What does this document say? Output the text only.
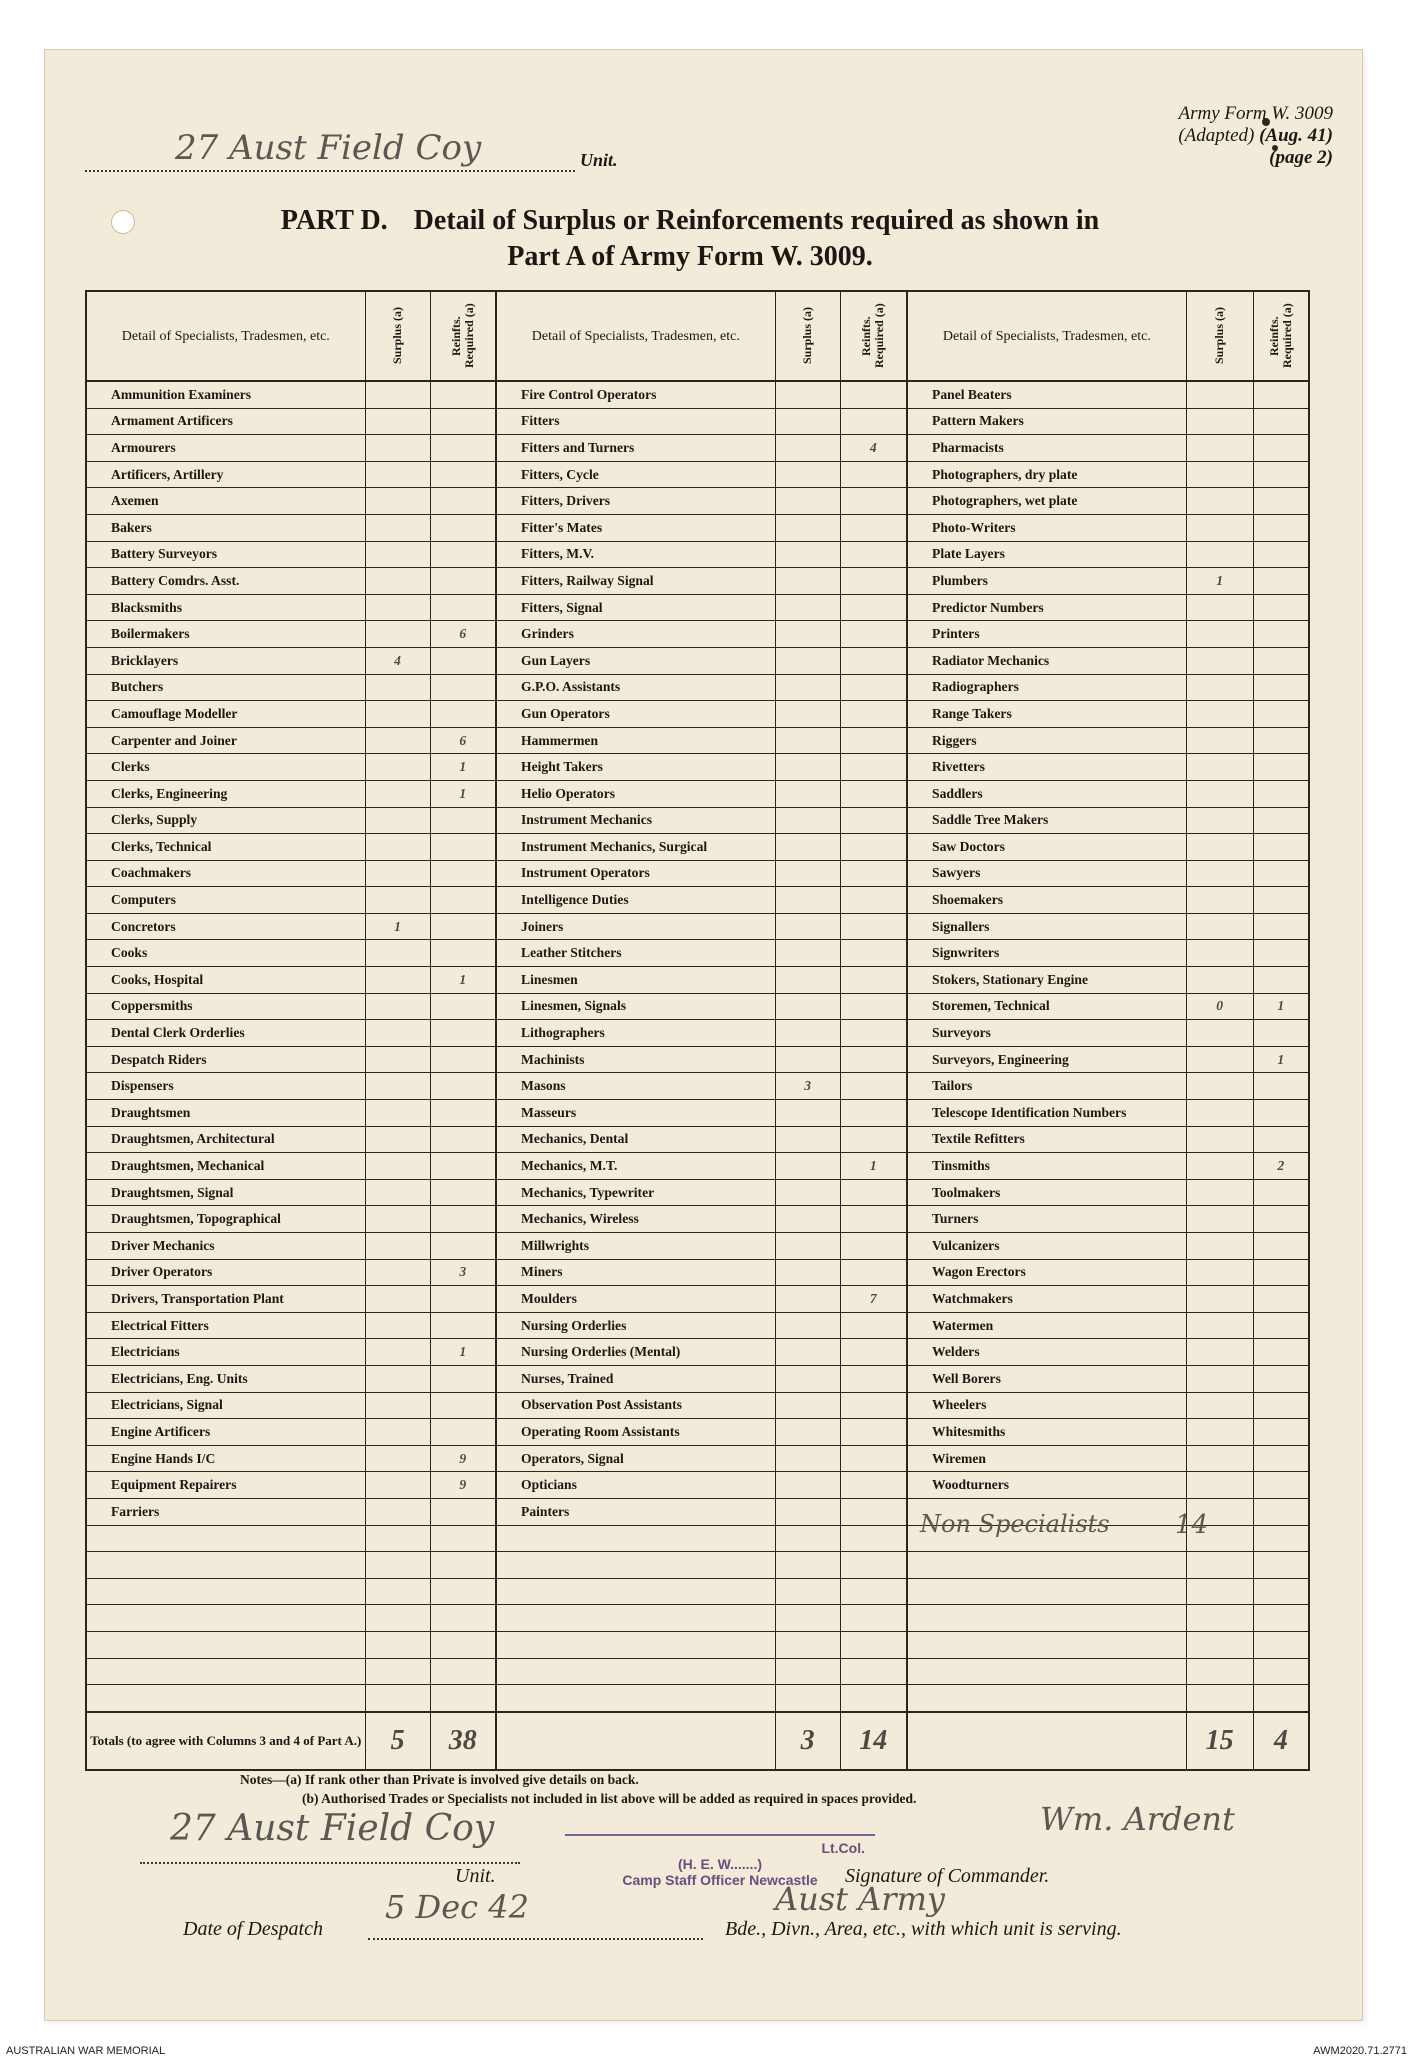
Army Form W. 3009
(Adapted) (Aug. 41)
(page 2)
27 Aust Field Coy	Unit.
PART D. Detail of Surplus or Reinforcements required as shown in
Part A of Army Form W. 3009.
Detail of Specialists, Tradesmen, etc.	Surplus (a)	Reinfts. Required (a)	Detail of Specialists, Tradesmen, etc.	Surplus (a)	Reinfts. Required (a)	Detail of Specialists, Tradesmen, etc.	Surplus (a)	Reinfts. Required (a)

Ammunition Examiners			Fire Control Operators			Panel Beaters		
Armament Artificers			Fitters			Pattern Makers		
Armourers			Fitters and Turners		4	Pharmacists		
Artificers, Artillery			Fitters, Cycle			Photographers, dry plate		
Axemen			Fitters, Drivers			Photographers, wet plate		
Bakers			Fitter's Mates			Photo-Writers		
Battery Surveyors			Fitters, M.V.			Plate Layers		
Battery Comdrs. Asst.			Fitters, Railway Signal			Plumbers	1	
Blacksmiths			Fitters, Signal			Predictor Numbers		
Boilermakers		6	Grinders			Printers		
Bricklayers	4		Gun Layers			Radiator Mechanics		
Butchers			G.P.O. Assistants			Radiographers		
Camouflage Modeller			Gun Operators			Range Takers		
Carpenter and Joiner		6	Hammermen			Riggers		
Clerks		1	Height Takers			Rivetters		
Clerks, Engineering		1	Helio Operators			Saddlers		
Clerks, Supply			Instrument Mechanics			Saddle Tree Makers		
Clerks, Technical			Instrument Mechanics, Surgical			Saw Doctors		
Coachmakers			Instrument Operators			Sawyers		
Computers			Intelligence Duties			Shoemakers		
Concretors	1		Joiners			Signallers		
Cooks			Leather Stitchers			Signwriters		
Cooks, Hospital		1	Linesmen			Stokers, Stationary Engine		
Coppersmiths			Linesmen, Signals			Storemen, Technical	0	1
Dental Clerk Orderlies			Lithographers			Surveyors		
Despatch Riders			Machinists			Surveyors, Engineering		1
Dispensers			Masons	3		Tailors		
Draughtsmen			Masseurs			Telescope Identification Numbers		
Draughtsmen, Architectural			Mechanics, Dental			Textile Refitters		
Draughtsmen, Mechanical			Mechanics, M.T.		1	Tinsmiths		2
Draughtsmen, Signal			Mechanics, Typewriter			Toolmakers		
Draughtsmen, Topographical			Mechanics, Wireless			Turners		
Driver Mechanics			Millwrights			Vulcanizers		
Driver Operators		3	Miners			Wagon Erectors		
Drivers, Transportation Plant			Moulders		7	Watchmakers		
Electrical Fitters			Nursing Orderlies			Watermen		
Electricians		1	Nursing Orderlies (Mental)			Welders		
Electricians, Eng. Units			Nurses, Trained			Well Borers		
Electricians, Signal			Observation Post Assistants			Wheelers		
Engine Artificers			Operating Room Assistants			Whitesmiths		
Engine Hands I/C		9	Operators, Signal			Wiremen		
Equipment Repairers		9	Opticians			Woodturners		
Farriers			Painters					

Totals (to agree with Columns 3 and 4 of Part A.)	5	38		3	14		15	4
Non Specialists	14
Notes—(a) If rank other than Private is involved give details on back.
(b) Authorised Trades or Specialists not included in list above will be added as required in spaces provided.
27 Aust Field Coy	Wm. Ardent
Lt.Col.
(H. E. W.......)
Camp Staff Officer Newcastle
Unit.	Signature of Commander.
5 Dec 42	Aust Army
Date of Despatch	Bde., Divn., Area, etc., with which unit is serving.
AUSTRALIAN WAR MEMORIAL	AWM2020.71.2771
